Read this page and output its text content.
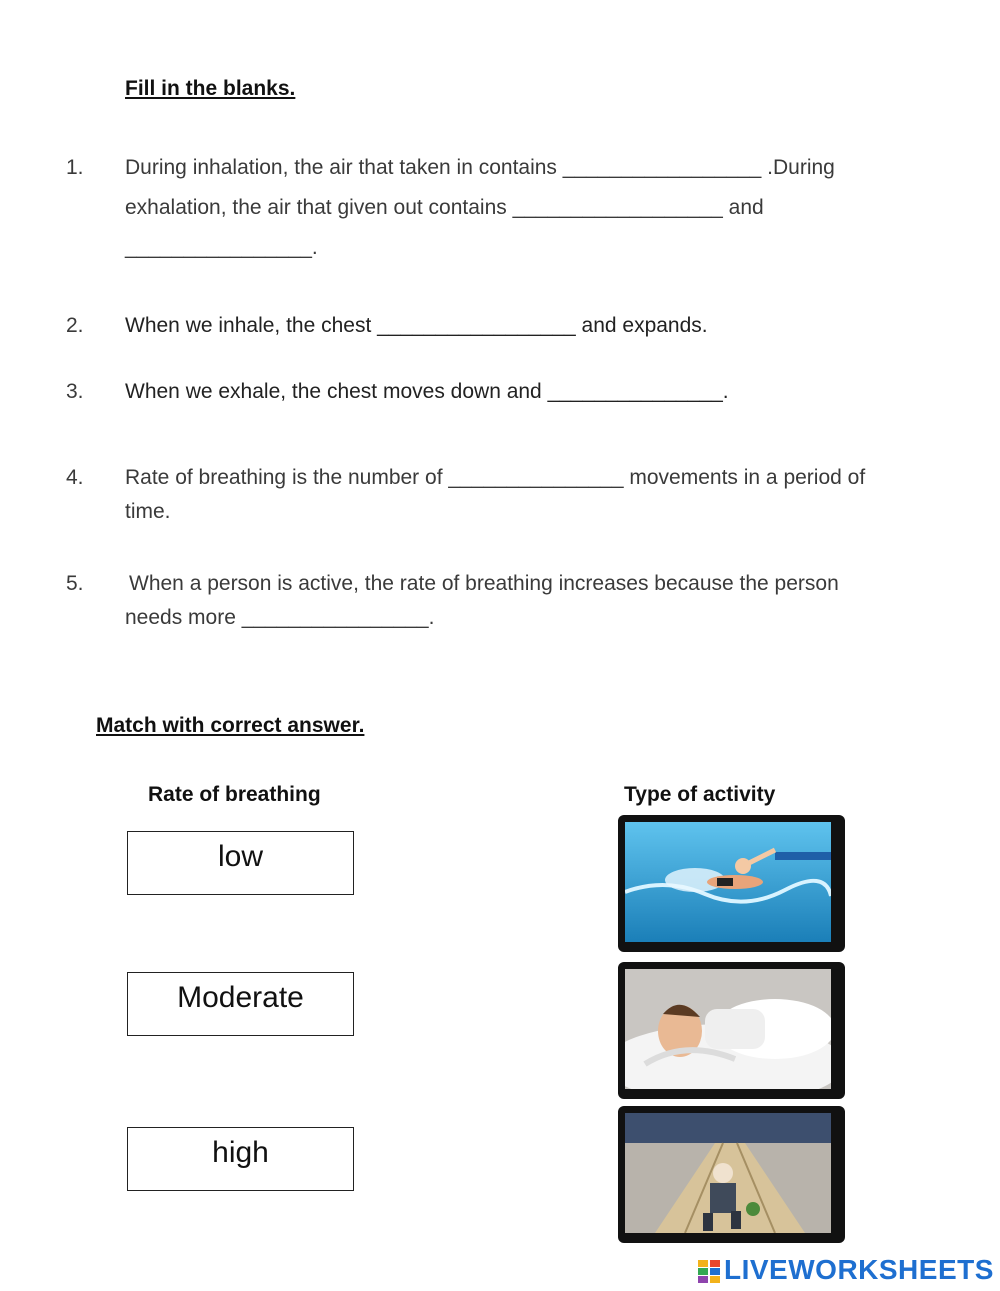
Fill in the blanks.
1. During inhalation, the air that taken in contains _________________ .During
exhalation, the air that given out contains __________________ and
________________.
2. When we inhale, the chest _________________ and expands.
3. When we exhale, the chest moves down and _______________.
4. Rate of breathing is the number of _______________ movements in a period of
time.
5. When a person is active, the rate of breathing increases because the person
needs more ________________.
Match with correct answer.
Rate of breathing	Type of activity
low
Moderate
high
LIVEWORKSHEETS
